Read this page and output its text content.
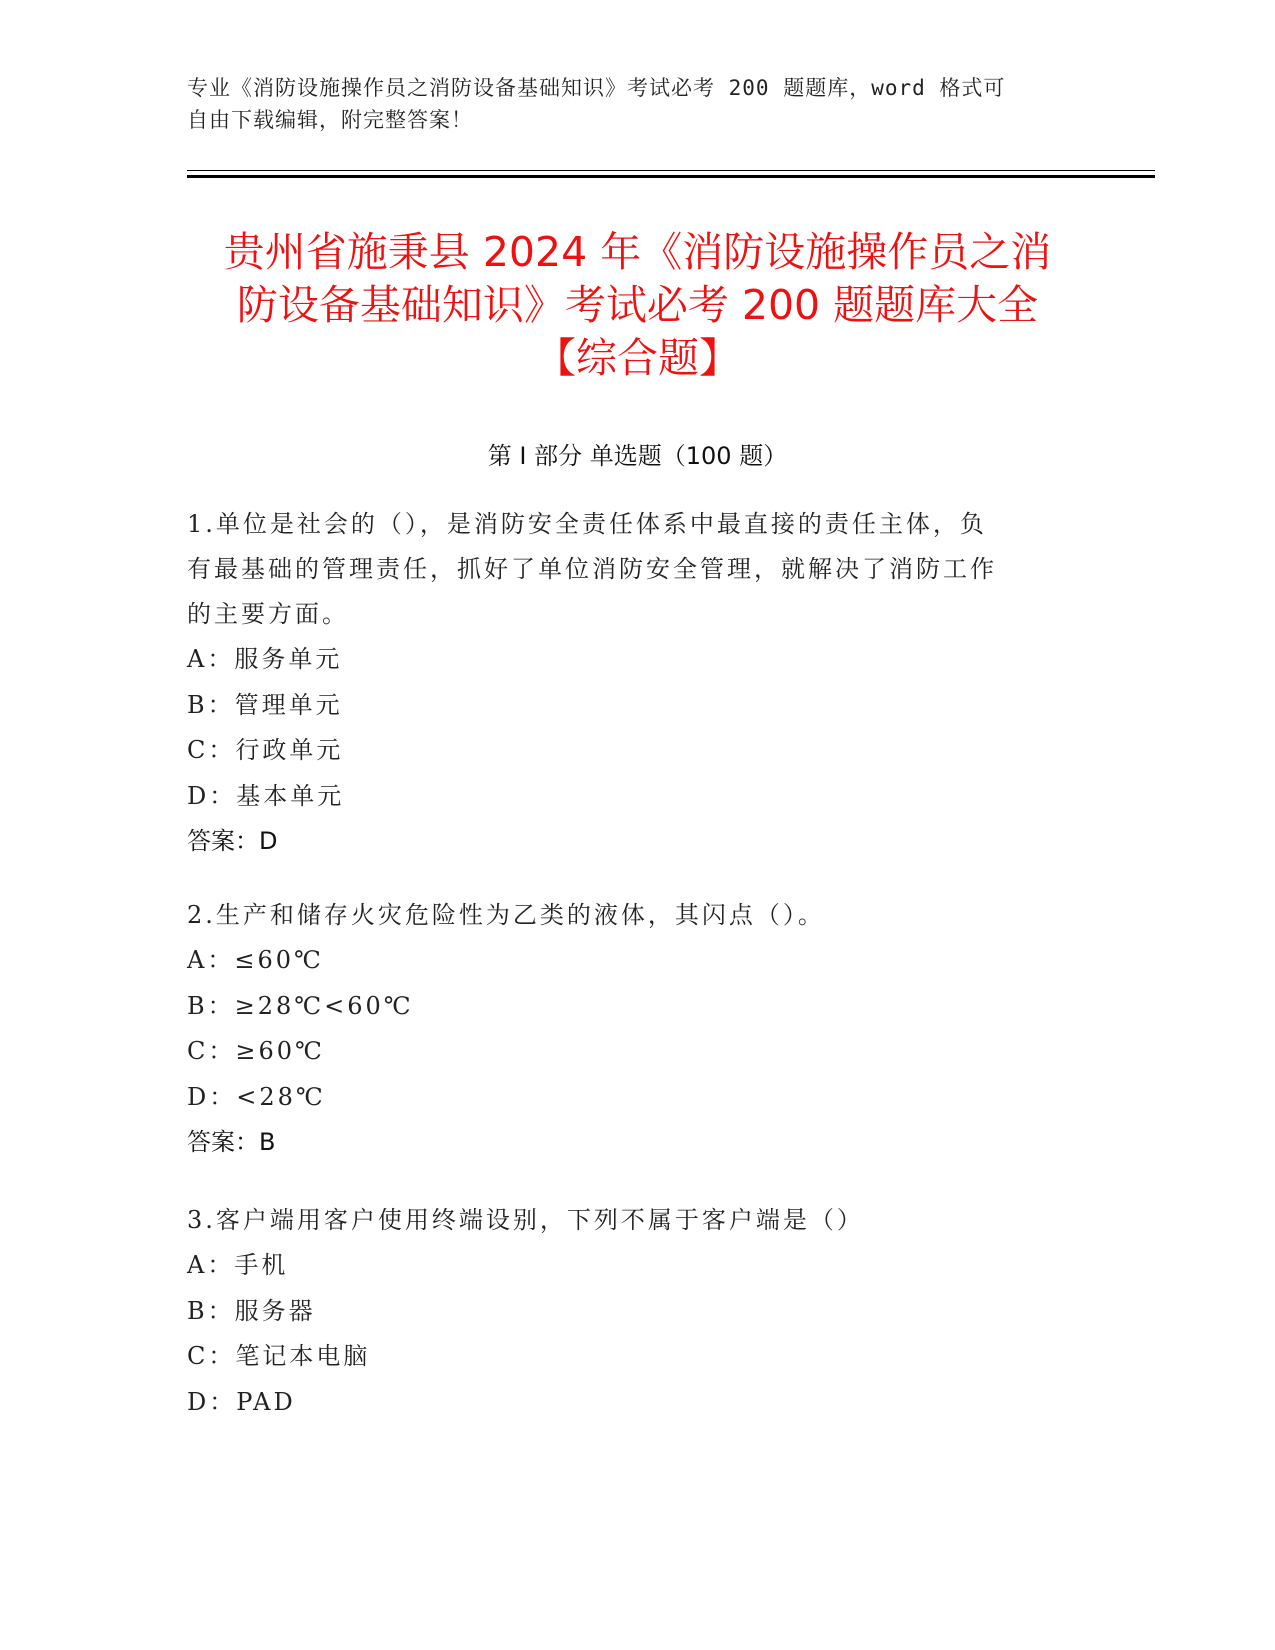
专业《消防设施操作员之消防设备基础知识》考试必考 200 题题库，word 格式可
自由下载编辑，附完整答案！
贵州省施秉县 2024 年《消防设施操作员之消
防设备基础知识》考试必考 200 题题库大全
【综合题】
第 I 部分 单选题（100 题）
1.单位是社会的（），是消防安全责任体系中最直接的责任主体，负
有最基础的管理责任，抓好了单位消防安全管理，就解决了消防工作
的主要方面。
A：服务单元
B：管理单元
C：行政单元
D：基本单元
答案：D
2.生产和储存火灾危险性为乙类的液体，其闪点（）。
A：≤60℃
B：≥28℃<60℃
C：≥60℃
D：<28℃
答案：B
3.客户端用客户使用终端设别，下列不属于客户端是（）
A：手机
B：服务器
C：笔记本电脑
D：PAD
